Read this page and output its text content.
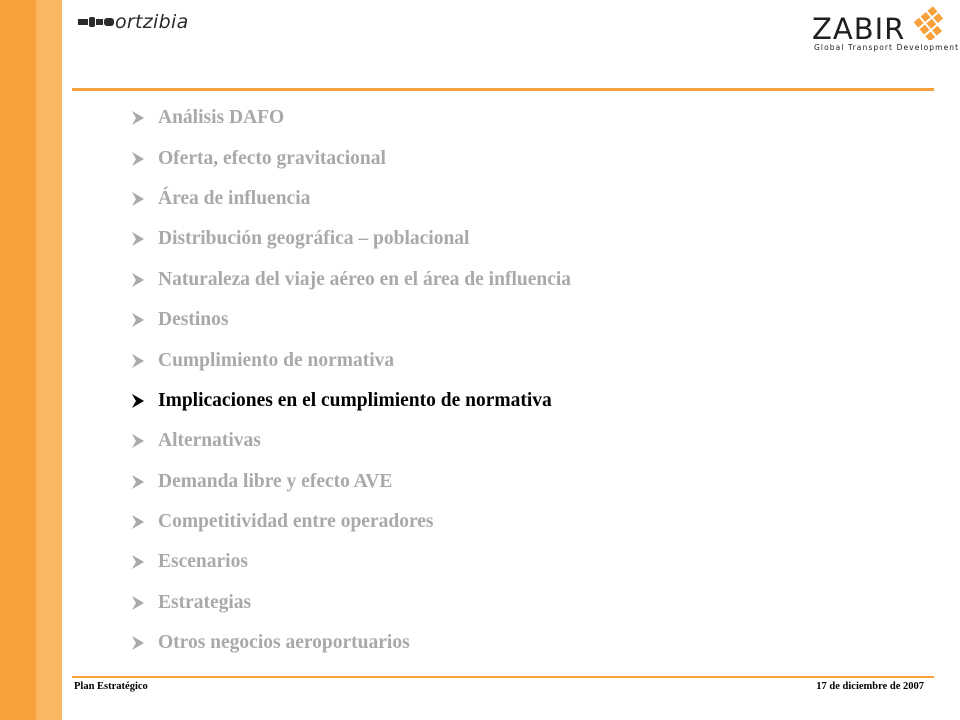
ortzibia	ZABIR
Global Transport Development
Análisis DAFO
Oferta, efecto gravitacional
Área de influencia
Distribución geográfica – poblacional
Naturaleza del viaje aéreo en el área de influencia
Destinos
Cumplimiento de normativa
Implicaciones en el cumplimiento de normativa
Alternativas
Demanda libre y efecto AVE
Competitividad entre operadores
Escenarios
Estrategias
Otros negocios aeroportuarios
Plan Estratégico	17 de diciembre de 2007
